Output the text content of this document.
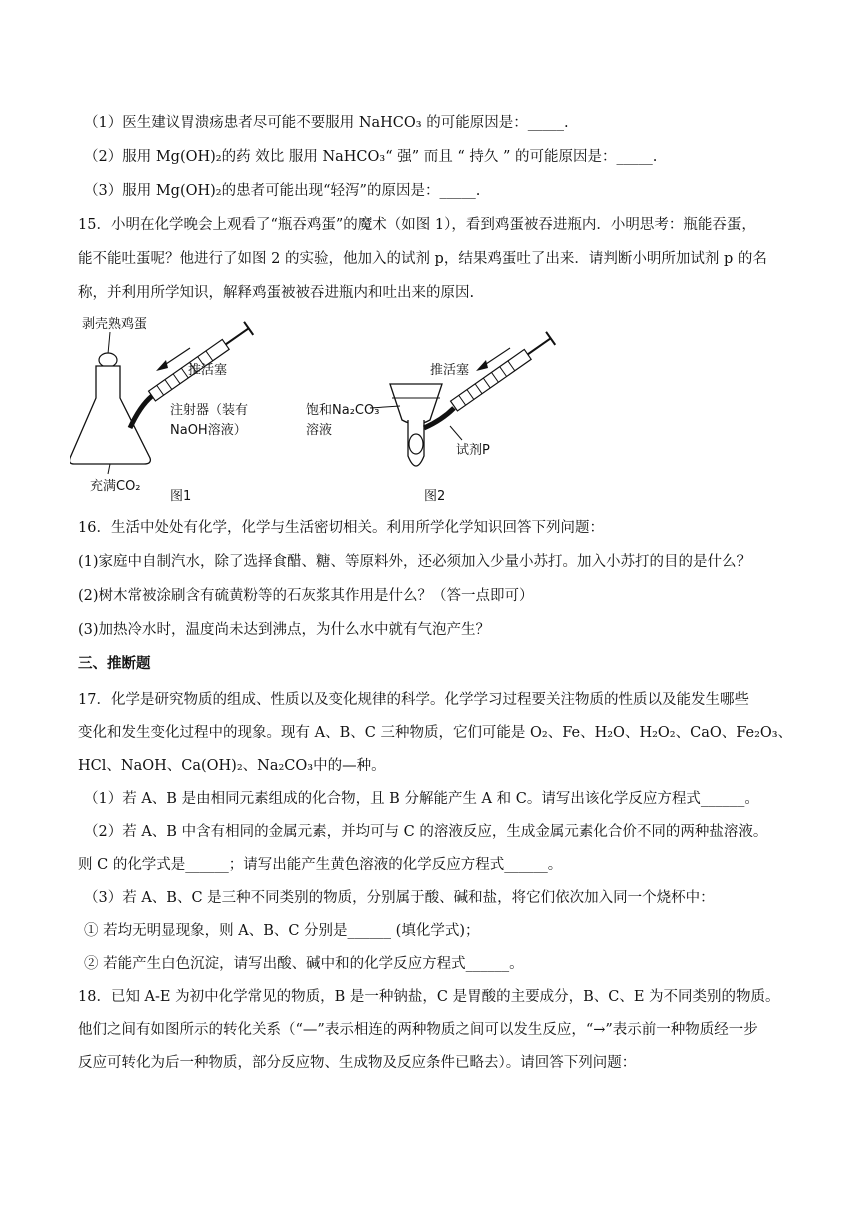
（1）医生建议胃溃疡患者尽可能不要服用 NaHCO₃ 的可能原因是：_____.
（2）服用 Mg(OH)₂的药 效比 服用 NaHCO₃“ 强” 而且 “ 持久 ” 的可能原因是：_____.
（3）服用 Mg(OH)₂的患者可能出现“轻泻”的原因是：_____.
15．小明在化学晚会上观看了“瓶吞鸡蛋”的魔术（如图 1），看到鸡蛋被吞进瓶内．小明思考：瓶能吞蛋，
能不能吐蛋呢？他进行了如图 2 的实验，他加入的试剂 p，结果鸡蛋吐了出来．请判断小明所加试剂 p 的名
称，并利用所学知识，解释鸡蛋被被吞进瓶内和吐出来的原因.
剥壳熟鸡蛋
推活塞
注射器（装有
NaOH溶液）
充满CO₂
图1
推活塞
饱和Na₂CO₃
溶液
试剂P
图2
16．生活中处处有化学，化学与生活密切相关。利用所学化学知识回答下列问题：
(1)家庭中自制汽水，除了选择食醋、糖、等原料外，还必须加入少量小苏打。加入小苏打的目的是什么？
(2)树木常被涂刷含有硫黄粉等的石灰浆其作用是什么？（答一点即可）
(3)加热冷水时，温度尚未达到沸点，为什么水中就有气泡产生？
三、推断题
17．化学是研究物质的组成、性质以及变化规律的科学。化学学习过程要关注物质的性质以及能发生哪些
变化和发生变化过程中的现象。现有 A、B、C 三种物质，它们可能是 O₂、Fe、H₂O、H₂O₂、CaO、Fe₂O₃、
HCl、NaOH、Ca(OH)₂、Na₂CO₃中的—种。
（1）若 A、B 是由相同元素组成的化合物，且 B 分解能产生 A 和 C。请写出该化学反应方程式______。
（2）若 A、B 中含有相同的金属元素，并均可与 C 的溶液反应，生成金属元素化合价不同的两种盐溶液。
则 C 的化学式是______；请写出能产生黄色溶液的化学反应方程式______。
（3）若 A、B、C 是三种不同类别的物质，分别属于酸、碱和盐，将它们依次加入同一个烧杯中：
① 若均无明显现象，则 A、B、C 分别是______ (填化学式)；
② 若能产生白色沉淀，请写出酸、碱中和的化学反应方程式______。
18．已知 A-E 为初中化学常见的物质，B 是一种钠盐，C 是胃酸的主要成分，B、C、E 为不同类别的物质。
他们之间有如图所示的转化关系（“—”表示相连的两种物质之间可以发生反应，“→”表示前一种物质经一步
反应可转化为后一种物质，部分反应物、生成物及反应条件已略去）。请回答下列问题：
